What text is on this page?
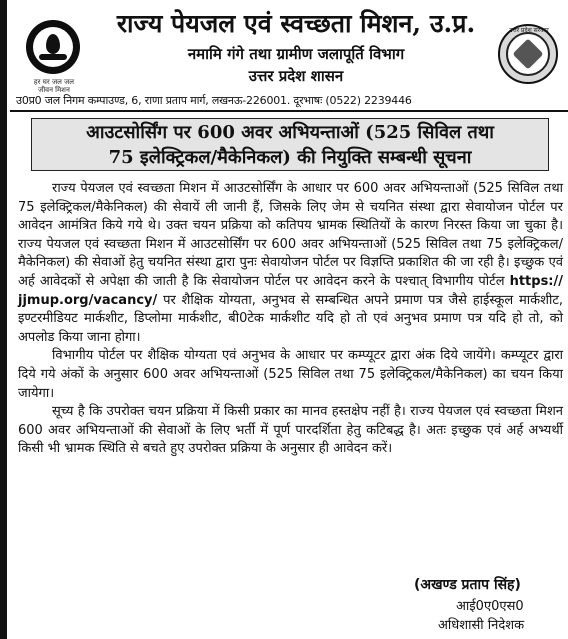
हर घर जल जल जीवन मिशन
राज्य पेयजल एवं स्वच्छता मिशन, उ.प्र.
नमामि गंगे तथा ग्रामीण जलापूर्ति विभाग
उत्तर प्रदेश शासन
उत्तर प्रदेश सरकार
उ0प्र0 जल निगम कम्पाउण्ड, 6, राणा प्रताप मार्ग, लखनऊ-226001. दूरभाषः (0522) 2239446
आउटसोर्सिंग पर 600 अवर अभियन्ताओं (525 सिविल तथा
75 इलेक्ट्रिकल/मैकेनिकल) की नियुक्ति सम्बन्धी सूचना

राज्य पेयजल एवं स्वच्छता मिशन में आउटसोर्सिंग के आधार पर 600 अवर अभियन्ताओं (525 सिविल तथा 75 इलेक्ट्रिकल/मैकेनिकल) की सेवायें ली जानी हैं, जिसके लिए जेम से चयनित संस्था द्वारा सेवायोजन पोर्टल पर आवेदन आमंत्रित किये गये थे। उक्त चयन प्रक्रिया को कतिपय भ्रामक स्थितियों के कारण निरस्त किया जा चुका है। राज्य पेयजल एवं स्वच्छता मिशन में आउटसोर्सिंग पर 600 अवर अभियन्ताओं (525 सिविल तथा 75 इलेक्ट्रिकल/मैकेनिकल) की सेवाओं हेतु चयनित संस्था द्वारा पुनः सेवायोजन पोर्टल पर विज्ञप्ति प्रकाशित की जा रही है। इच्छुक एवं अर्ह आवेदकों से अपेक्षा की जाती है कि सेवायोजन पोर्टल पर आवेदन करने के पश्चात् विभागीय पोर्टल https:// jjmup.org/vacancy/ पर शैक्षिक योग्यता, अनुभव से सम्बन्धित अपने प्रमाण पत्र जैसे हाईस्कूल मार्कशीट, इण्टरमीडियट मार्कशीट, डिप्लोमा मार्कशीट, बी0टेक मार्कशीट यदि हो तो एवं अनुभव प्रमाण पत्र यदि हो तो, को अपलोड किया जाना होगा।

विभागीय पोर्टल पर शैक्षिक योग्यता एवं अनुभव के आधार पर कम्प्यूटर द्वारा अंक दिये जायेंगे। कम्प्यूटर द्वारा दिये गये अंकों के अनुसार 600 अवर अभियन्ताओं (525 सिविल तथा 75 इलेक्ट्रिकल/मैकेनिकल) का चयन किया जायेगा।

सूच्य है कि उपरोक्त चयन प्रक्रिया में किसी प्रकार का मानव हस्तक्षेप नहीं है। राज्य पेयजल एवं स्वच्छता मिशन 600 अवर अभियन्ताओं की सेवाओं के लिए भर्ती में पूर्ण पारदर्शिता हेतु कटिबद्ध है। अतः इच्छुक एवं अर्ह अभ्यर्थी किसी भी भ्रामक स्थिति से बचते हुए उपरोक्त प्रक्रिया के अनुसार ही आवेदन करें।

(अखण्ड प्रताप सिंह)
आई0ए0एस0
अधिशासी निदेशक
